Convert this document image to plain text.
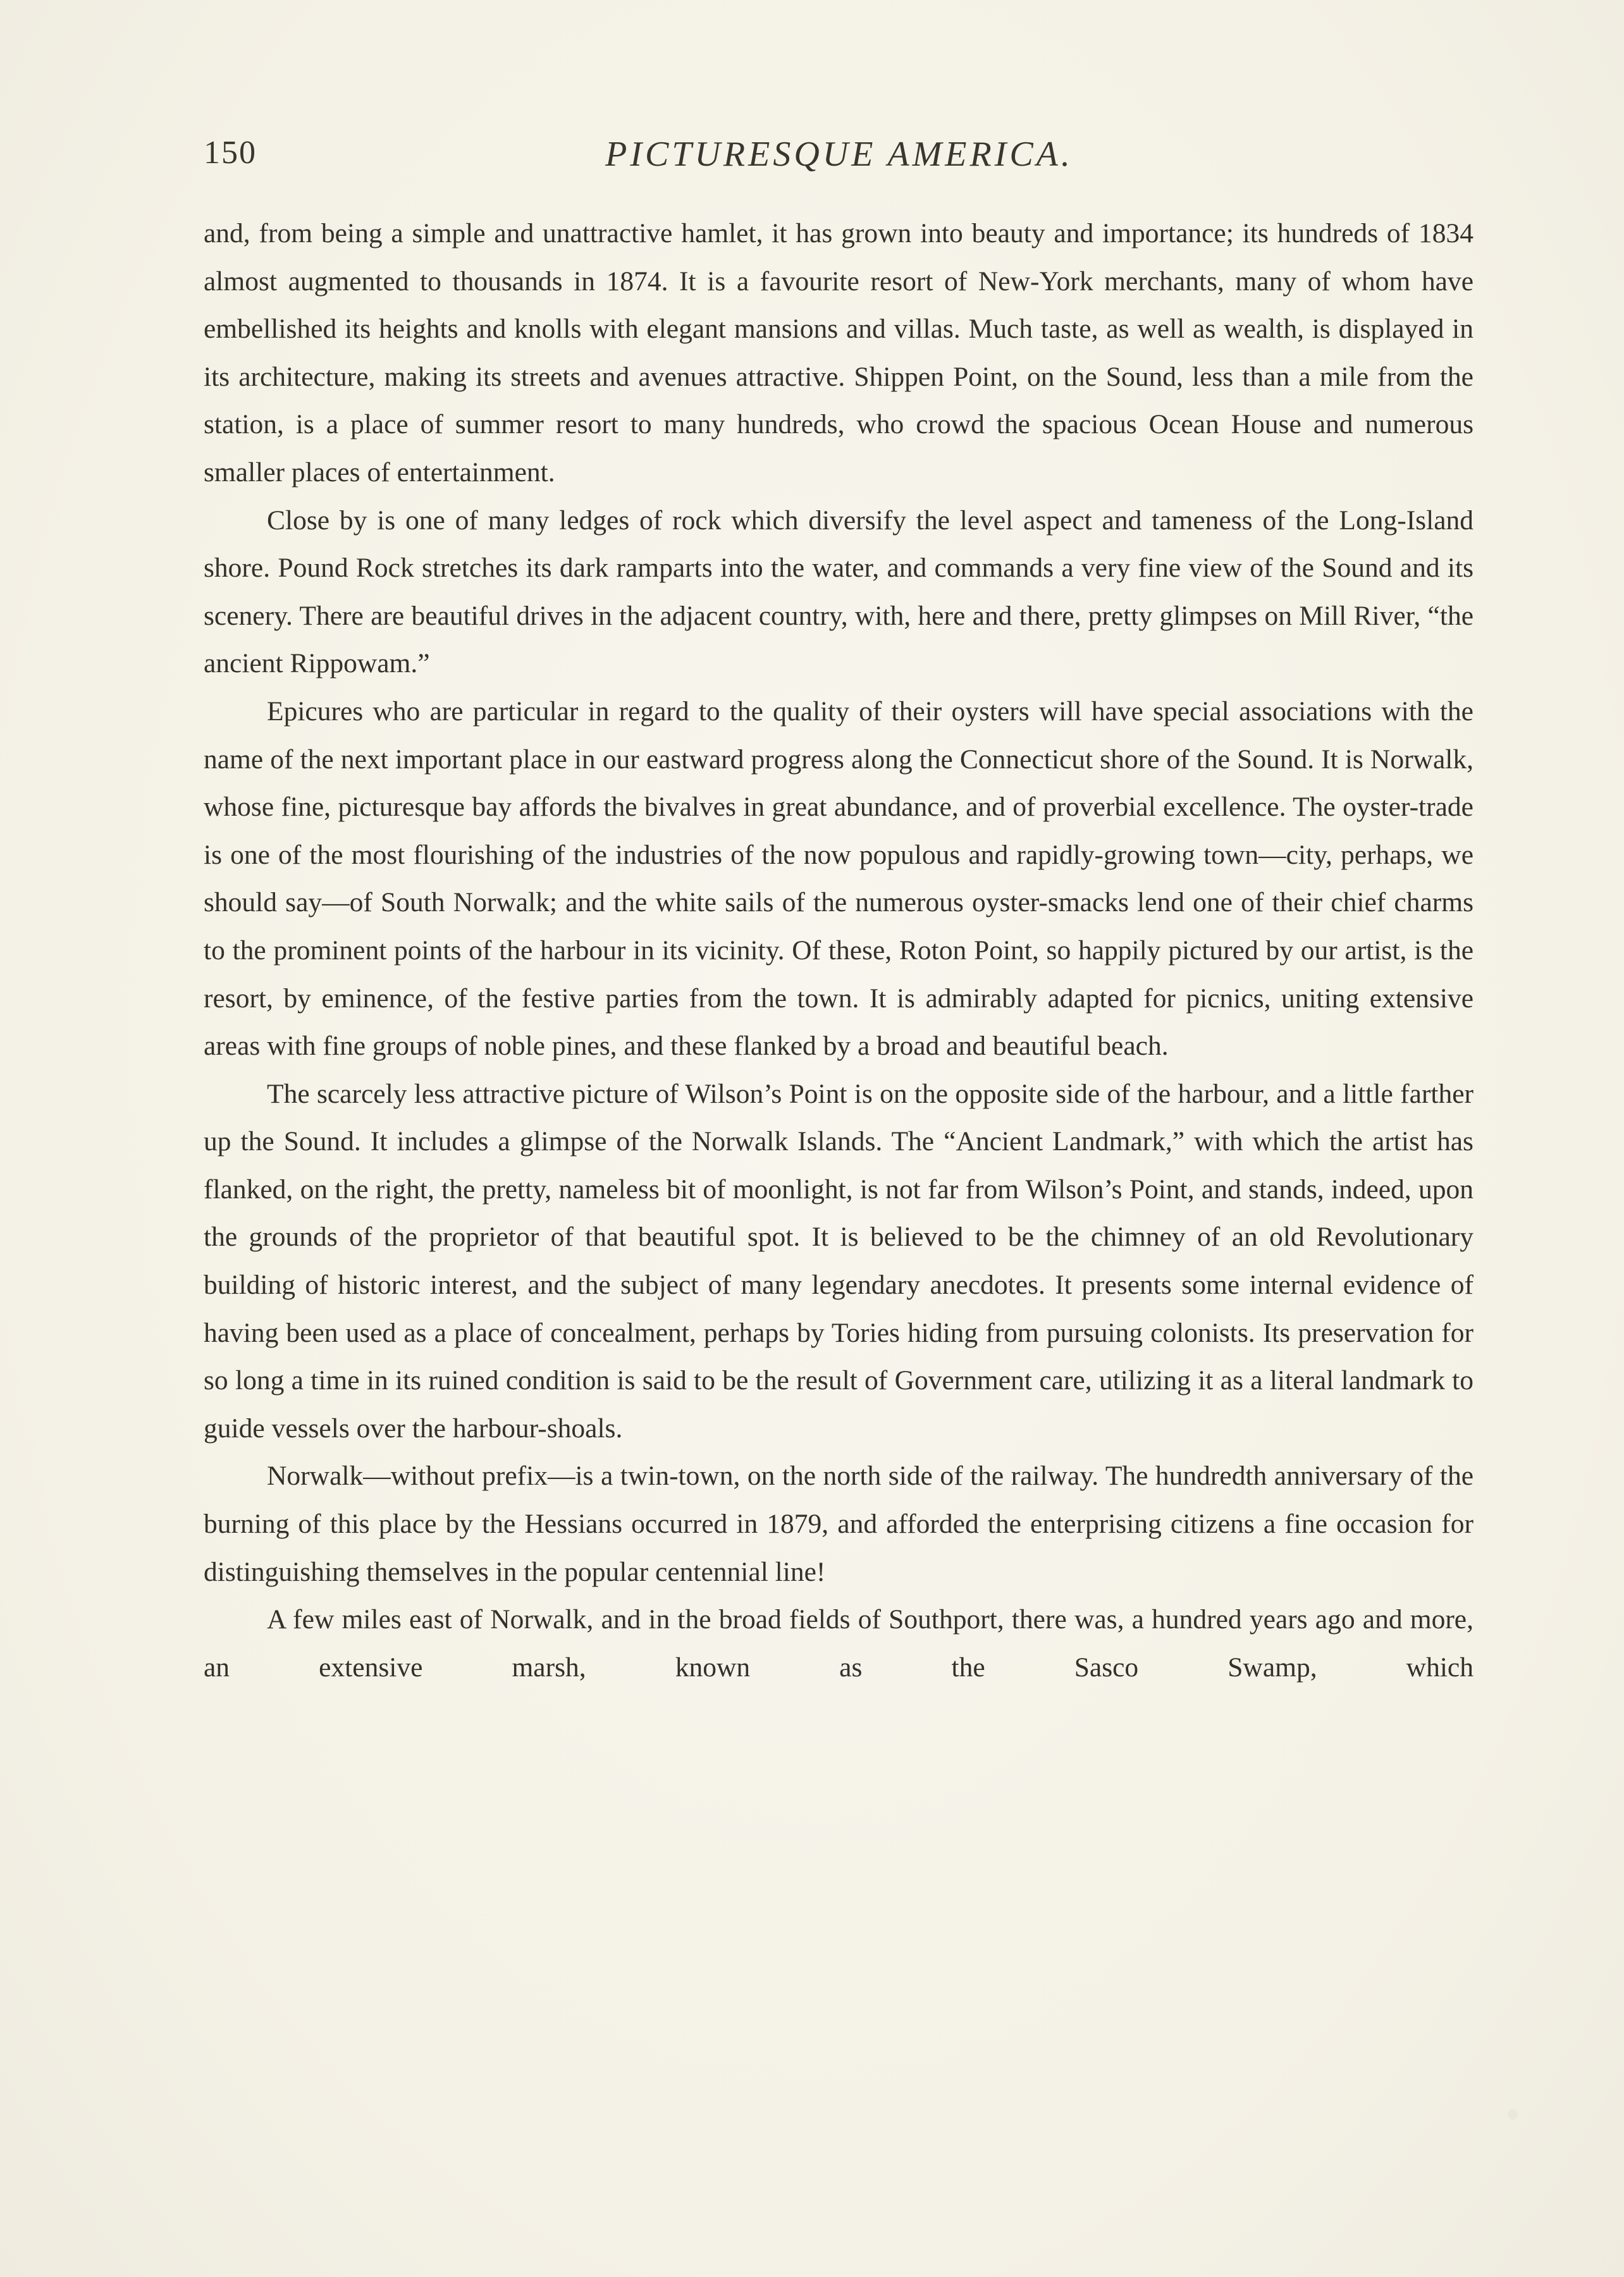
150	PICTURESQUE AMERICA.

and, from being a simple and unattractive hamlet, it has grown into beauty and importance; its hundreds of 1834 almost augmented to thousands in 1874. It is a favourite resort of New-York merchants, many of whom have embellished its heights and knolls with elegant mansions and villas. Much taste, as well as wealth, is displayed in its architecture, making its streets and avenues attractive. Shippen Point, on the Sound, less than a mile from the station, is a place of summer resort to many hundreds, who crowd the spacious Ocean House and numerous smaller places of entertainment.

Close by is one of many ledges of rock which diversify the level aspect and tameness of the Long-Island shore. Pound Rock stretches its dark ramparts into the water, and commands a very fine view of the Sound and its scenery. There are beautiful drives in the adjacent country, with, here and there, pretty glimpses on Mill River, “the ancient Rippowam.”

Epicures who are particular in regard to the quality of their oysters will have special associations with the name of the next important place in our eastward progress along the Connecticut shore of the Sound. It is Norwalk, whose fine, picturesque bay affords the bivalves in great abundance, and of proverbial excellence. The oyster-trade is one of the most flourishing of the industries of the now populous and rapidly-growing town—city, perhaps, we should say—of South Norwalk; and the white sails of the numerous oyster-smacks lend one of their chief charms to the prominent points of the harbour in its vicinity. Of these, Roton Point, so happily pictured by our artist, is the resort, by eminence, of the festive parties from the town. It is admirably adapted for picnics, uniting extensive areas with fine groups of noble pines, and these flanked by a broad and beautiful beach.

The scarcely less attractive picture of Wilson’s Point is on the opposite side of the harbour, and a little farther up the Sound. It includes a glimpse of the Norwalk Islands. The “Ancient Landmark,” with which the artist has flanked, on the right, the pretty, nameless bit of moonlight, is not far from Wilson’s Point, and stands, indeed, upon the grounds of the proprietor of that beautiful spot. It is believed to be the chimney of an old Revolutionary building of historic interest, and the subject of many legendary anecdotes. It presents some internal evidence of having been used as a place of concealment, perhaps by Tories hiding from pursuing colonists. Its preservation for so long a time in its ruined condition is said to be the result of Government care, utilizing it as a literal landmark to guide vessels over the harbour-shoals.

Norwalk—without prefix—is a twin-town, on the north side of the railway. The hundredth anniversary of the burning of this place by the Hessians occurred in 1879, and afforded the enterprising citizens a fine occasion for distinguishing themselves in the popular centennial line!

A few miles east of Norwalk, and in the broad fields of Southport, there was, a hundred years ago and more, an extensive marsh, known as the Sasco Swamp, which
